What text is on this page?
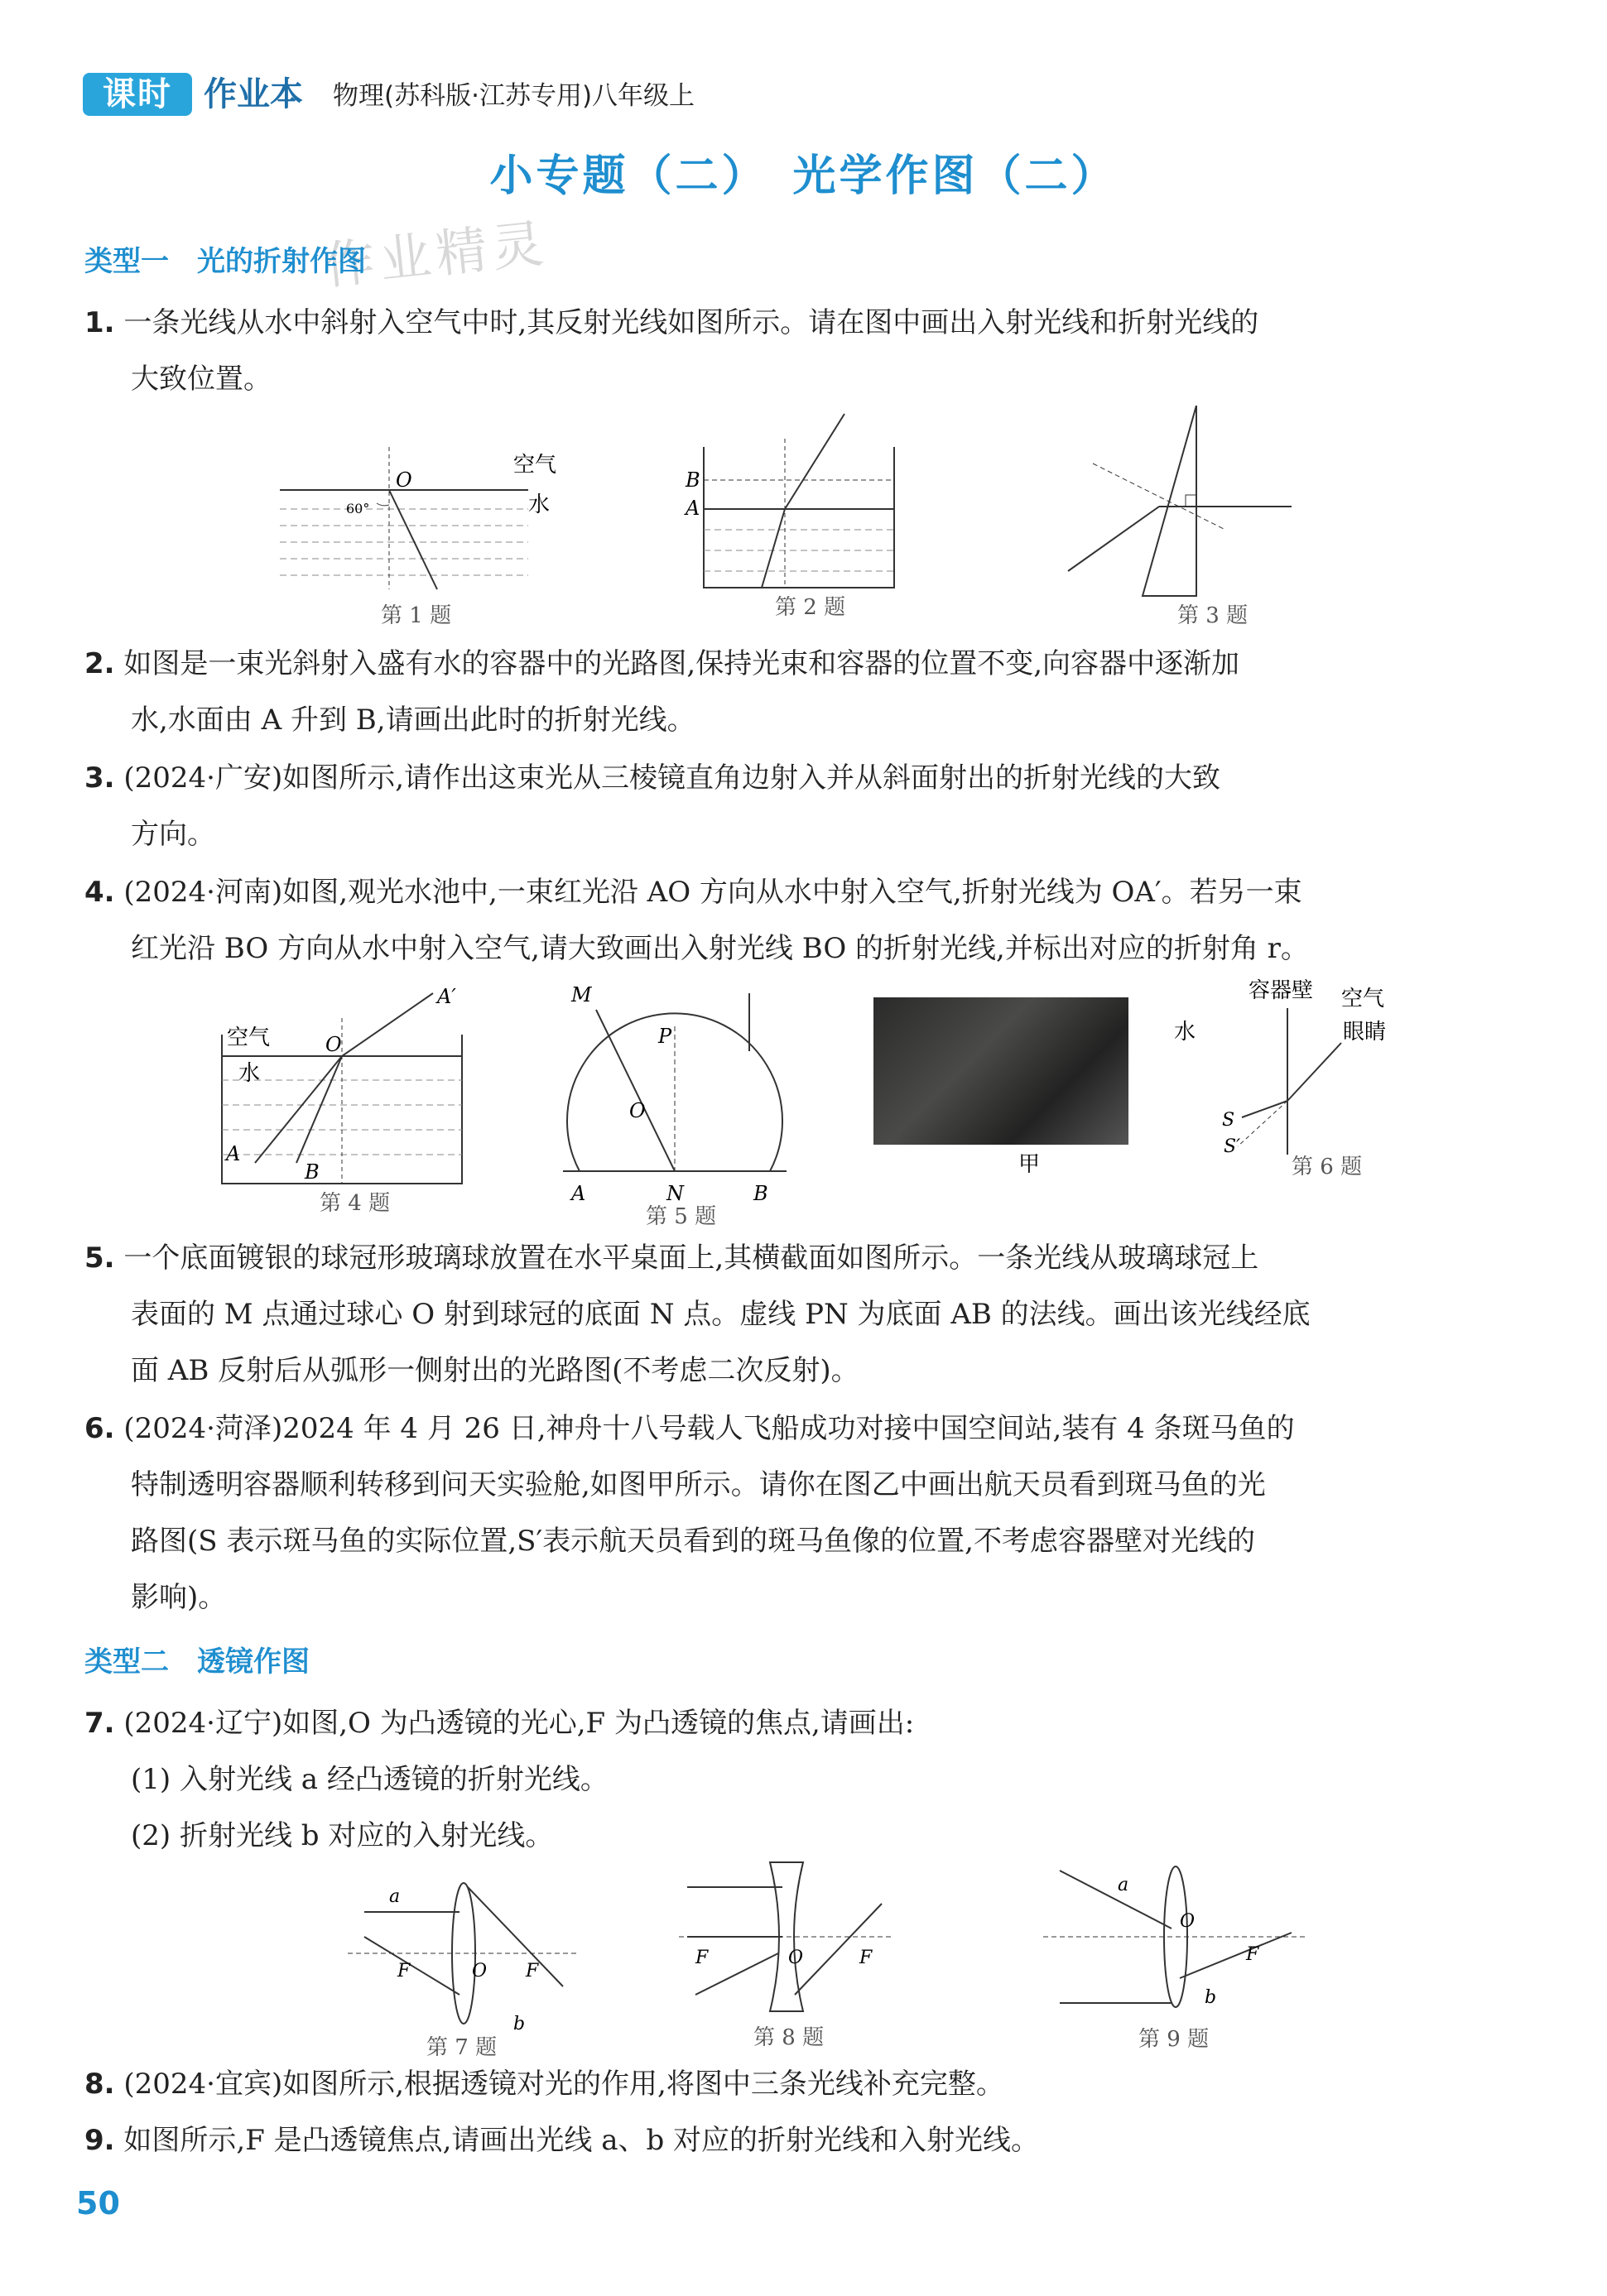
课时 作业本 物理(苏科版·江苏专用)八年级上
小专题（二）　光学作图（二）
作业精灵
类型一　光的折射作图
1. 一条光线从水中斜射入空气中时,其反射光线如图所示。请在图中画出入射光线和折射光线的
大致位置。
O
60°
空气
水
第 1 题
B
A
第 2 题	第 3 题
2. 如图是一束光斜射入盛有水的容器中的光路图,保持光束和容器的位置不变,向容器中逐渐加
水,水面由 A 升到 B,请画出此时的折射光线。
3. (2024·广安)如图所示,请作出这束光从三棱镜直角边射入并从斜面射出的折射光线的大致
方向。
4. (2024·河南)如图,观光水池中,一束红光沿 AO 方向从水中射入空气,折射光线为 OA′。若另一束
红光沿 BO 方向从水中射入空气,请大致画出入射光线 BO 的折射光线,并标出对应的折射角 r。
空气
水
O
A′
A
B
第 4 题
M
P
O
A	N	B
第 5 题
甲
水
容器壁 空气
眼睛
S
S′
第 6 题
5. 一个底面镀银的球冠形玻璃球放置在水平桌面上,其横截面如图所示。一条光线从玻璃球冠上
表面的 M 点通过球心 O 射到球冠的底面 N 点。虚线 PN 为底面 AB 的法线。画出该光线经底
面 AB 反射后从弧形一侧射出的光路图(不考虑二次反射)。
6. (2024·菏泽)2024 年 4 月 26 日,神舟十八号载人飞船成功对接中国空间站,装有 4 条斑马鱼的
特制透明容器顺利转移到问天实验舱,如图甲所示。请你在图乙中画出航天员看到斑马鱼的光
路图(S 表示斑马鱼的实际位置,S′表示航天员看到的斑马鱼像的位置,不考虑容器壁对光线的
影响)。
类型二　透镜作图
7. (2024·辽宁)如图,O 为凸透镜的光心,F 为凸透镜的焦点,请画出:
(1) 入射光线 a 经凸透镜的折射光线。
(2) 折射光线 b 对应的入射光线。
a
b
F	O F
第 7 题
F	O	F
第 8 题
a
O
F
b
第 9 题
8. (2024·宜宾)如图所示,根据透镜对光的作用,将图中三条光线补充完整。
9. 如图所示,F 是凸透镜焦点,请画出光线 a、b 对应的折射光线和入射光线。
50
